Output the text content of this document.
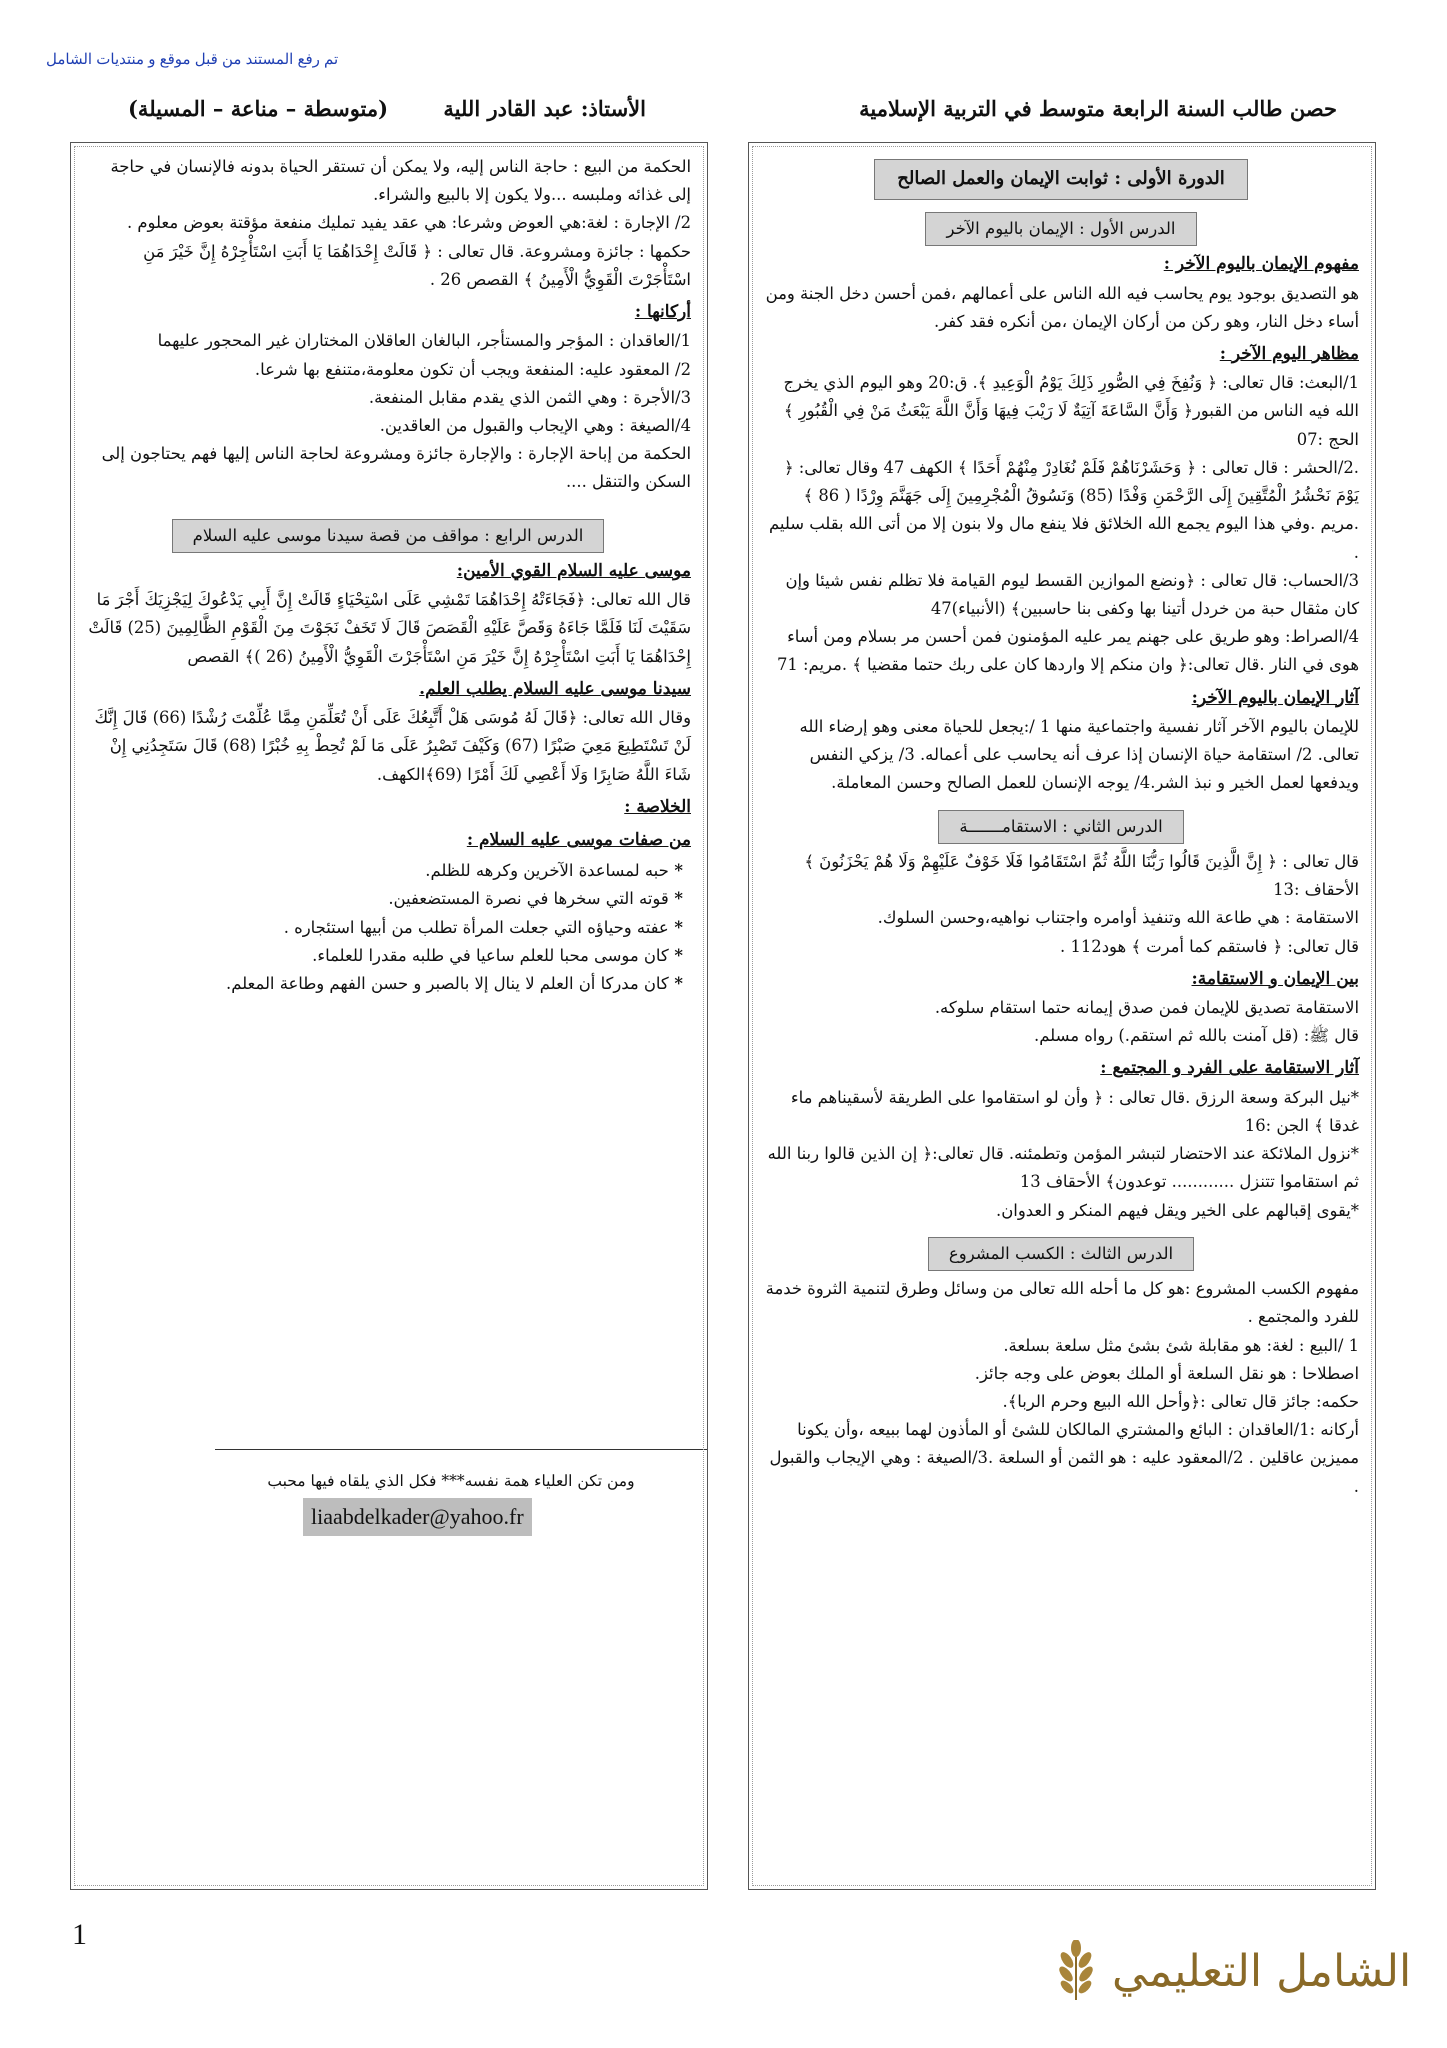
تم رفع المستند من قبل موقع و منتديات الشامل
حصن طالب السنة الرابعة متوسط في التربية الإسلامية
الأستاذ: عبد القادر اللية (متوسطة – مناعة – المسيلة)
الدورة الأولى : ثوابت الإيمان والعمل الصالح
الدرس الأول : الإيمان باليوم الآخر
مفهوم الإيمان باليوم الآخر :

هو التصديق بوجود يوم يحاسب فيه الله الناس على أعمالهم ،فمن أحسن دخل الجنة ومن أساء دخل النار، وهو ركن من أركان الإيمان ،من أنكره فقد كفر.

مظاهر اليوم الآخر :

1/البعث: قال تعالى: ﴿ وَنُفِخَ فِي الصُّورِ ذَلِكَ يَوْمُ الْوَعِيدِ ﴾. ق:20 وهو اليوم الذي يخرج الله فيه الناس من القبور﴿ وَأَنَّ السَّاعَةَ آتِيَةٌ لَا رَيْبَ فِيهَا وَأَنَّ اللَّهَ يَبْعَثُ مَنْ فِي الْقُبُورِ ﴾ الحج :07

.2/الحشر : قال تعالى : ﴿ وَحَشَرْنَاهُمْ فَلَمْ نُغَادِرْ مِنْهُمْ أَحَدًا ﴾ الكهف 47 وقال تعالى: ﴿ يَوْمَ نَحْشُرُ الْمُتَّقِينَ إِلَى الرَّحْمَنِ وَفْدًا (85) وَنَسُوقُ الْمُجْرِمِينَ إِلَى جَهَنَّمَ وِرْدًا ( 86 ﴾ .مريم .وفي هذا اليوم يجمع الله الخلائق فلا ينفع مال ولا بنون إلا من أتى الله بقلب سليم .

3/الحساب: قال تعالى : ﴿ونضع الموازين القسط ليوم القيامة فلا تظلم نفس شيئا وإن كان مثقال حبة من خردل أتينا بها وكفى بنا حاسبين﴾ (الأنبياء)47

4/الصراط: وهو طريق على جهنم يمر عليه المؤمنون فمن أحسن مر بسلام ومن أساء هوى في النار .قال تعالى:﴿ وان منكم إلا واردها كان على ربك حتما مقضيا ﴾ .مريم: 71

آثار الإيمان باليوم الآخر:

للإيمان باليوم الآخر آثار نفسية واجتماعية منها 1 /:يجعل للحياة معنى وهو إرضاء الله تعالى. 2/ استقامة حياة الإنسان إذا عرف أنه يحاسب على أعماله. 3/ يزكي النفس ويدفعها لعمل الخير و نبذ الشر.4/ يوجه الإنسان للعمل الصالح وحسن المعاملة.

الدرس الثاني : الاستقامـــــــة

قال تعالى : ﴿ إِنَّ الَّذِينَ قَالُوا رَبُّنَا اللَّهُ ثُمَّ اسْتَقَامُوا فَلَا خَوْفٌ عَلَيْهِمْ وَلَا هُمْ يَحْزَنُونَ ﴾ الأحقاف :13

الاستقامة : هي طاعة الله وتنفيذ أوامره واجتناب نواهيه،وحسن السلوك.

قال تعالى: ﴿ فاستقم كما أمرت ﴾ هود112 .

بين الإيمان و الاستقامة:

الاستقامة تصديق للإيمان فمن صدق إيمانه حتما استقام سلوكه.

قال ﷺ: (قل آمنت بالله ثم استقم.) رواه مسلم.

آثار الاستقامة على الفرد و المجتمع :

*نيل البركة وسعة الرزق .قال تعالى : ﴿ وأن لو استقاموا على الطريقة لأسقيناهم ماء غدقا ﴾ الجن :16

*نزول الملائكة عند الاحتضار لتبشر المؤمن وتطمئنه. قال تعالى:﴿ إن الذين قالوا ربنا الله ثم استقاموا تتنزل ............ توعدون﴾ الأحقاف 13

*يقوى إقبالهم على الخير ويقل فيهم المنكر و العدوان.

الدرس الثالث : الكسب المشروع

مفهوم الكسب المشروع :هو كل ما أحله الله تعالى من وسائل وطرق لتنمية الثروة خدمة للفرد والمجتمع .

1 /البيع : لغة: هو مقابلة شئ بشئ مثل سلعة بسلعة.

اصطلاحا : هو نقل السلعة أو الملك بعوض على وجه جائز.

حكمه: جائز قال تعالى :﴿وأحل الله البيع وحرم الربا﴾.

أركانه :1/العاقدان : البائع والمشتري المالكان للشئ أو المأذون لهما ببيعه ،وأن يكونا مميزين عاقلين . 2/المعقود عليه : هو الثمن أو السلعة .3/الصيغة : وهي الإيجاب والقبول .

الحكمة من البيع : حاجة الناس إليه، ولا يمكن أن تستقر الحياة بدونه فالإنسان في حاجة إلى غذائه وملبسه ...ولا يكون إلا بالبيع والشراء.

2/ الإجارة : لغة:هي العوض وشرعا: هي عقد يفيد تمليك منفعة مؤقتة بعوض معلوم .

حكمها : جائزة ومشروعة. قال تعالى : ﴿ قَالَتْ إِحْدَاهُمَا يَا أَبَتِ اسْتَأْجِرْهُ إِنَّ خَيْرَ مَنِ اسْتَأْجَرْتَ الْقَوِيُّ الْأَمِينُ ﴾ القصص 26 .

أركانها :

1/العاقدان : المؤجر والمستأجر، البالغان العاقلان المختاران غير المحجور عليهما

2/ المعقود عليه: المنفعة ويجب أن تكون معلومة،متنفع بها شرعا.

3/الأجرة : وهي الثمن الذي يقدم مقابل المنفعة.

4/الصيغة : وهي الإيجاب والقبول من العاقدين.

الحكمة من إباحة الإجارة : والإجارة جائزة ومشروعة لحاجة الناس إليها فهم يحتاجون إلى السكن والتنقل ....

الدرس الرابع : مواقف من قصة سيدنا موسى عليه السلام
موسى عليه السلام القوي الأمين:

قال الله تعالى: ﴿فَجَاءَتْهُ إِحْدَاهُمَا تَمْشِي عَلَى اسْتِحْيَاءٍ قَالَتْ إِنَّ أَبِي يَدْعُوكَ لِيَجْزِيَكَ أَجْرَ مَا سَقَيْتَ لَنَا فَلَمَّا جَاءَهُ وَقَصَّ عَلَيْهِ الْقَصَصَ قَالَ لَا تَخَفْ نَجَوْتَ مِنَ الْقَوْمِ الظَّالِمِينَ (25) قَالَتْ إِحْدَاهُمَا يَا أَبَتِ اسْتَأْجِرْهُ إِنَّ خَيْرَ مَنِ اسْتَأْجَرْتَ الْقَوِيُّ الْأَمِينُ (26 )﴾ القصص

سيدنا موسى عليه السلام يطلب العلم.

وقال الله تعالى: ﴿قَالَ لَهُ مُوسَى هَلْ أَتَّبِعُكَ عَلَى أَنْ تُعَلِّمَنِ مِمَّا عُلِّمْتَ رُشْدًا (66) قَالَ إِنَّكَ لَنْ تَسْتَطِيعَ مَعِيَ صَبْرًا (67) وَكَيْفَ تَصْبِرُ عَلَى مَا لَمْ تُحِطْ بِهِ خُبْرًا (68) قَالَ سَتَجِدُنِي إِنْ شَاءَ اللَّهُ صَابِرًا وَلَا أَعْصِي لَكَ أَمْرًا (69﴾الكهف.

الخلاصة :
من صفات موسى عليه السلام :
* حبه لمساعدة الآخرين وكرهه للظلم.
* قوته التي سخرها في نصرة المستضعفين.
* عفته وحياؤه التي جعلت المرأة تطلب من أبيها استئجاره .
* كان موسى محبا للعلم ساعيا في طلبه مقدرا للعلماء.
* كان مدركا أن العلم لا ينال إلا بالصبر و حسن الفهم وطاعة المعلم.
ومن تكن العلياء همة نفسه*** فكل الذي يلقاه فيها محبب
liaabdelkader@yahoo.fr
1
الشامل التعليمي
